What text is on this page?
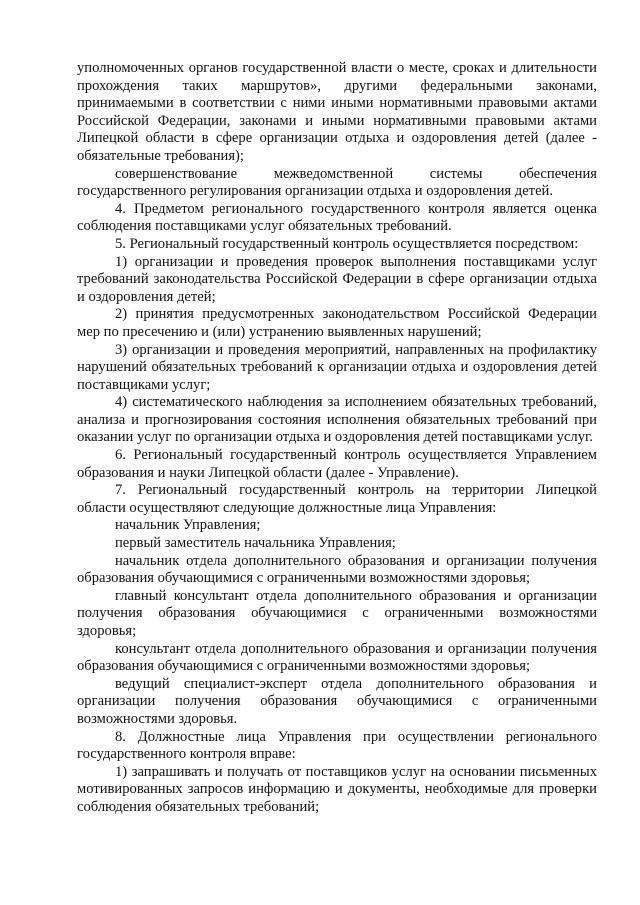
уполномоченных органов государственной власти о месте, сроках и длительности прохождения таких маршрутов», другими федеральными законами, принимаемыми в соответствии с ними иными нормативными правовыми актами Российской Федерации, законами и иными нормативными правовыми актами Липецкой области в сфере организации отдыха и оздоровления детей (далее - обязательные требования);

совершенствование межведомственной системы обеспечения государственного регулирования организации отдыха и оздоровления детей.

4. Предметом регионального государственного контроля является оценка соблюдения поставщиками услуг обязательных требований.

5. Региональный государственный контроль осуществляется посредством:

1) организации и проведения проверок выполнения поставщиками услуг требований законодательства Российской Федерации в сфере организации отдыха и оздоровления детей;

2) принятия предусмотренных законодательством Российской Федерации мер по пресечению и (или) устранению выявленных нарушений;

3) организации и проведения мероприятий, направленных на профилактику нарушений обязательных требований к организации отдыха и оздоровления детей поставщиками услуг;

4) систематического наблюдения за исполнением обязательных требований, анализа и прогнозирования состояния исполнения обязательных требований при оказании услуг по организации отдыха и оздоровления детей поставщиками услуг.

6. Региональный государственный контроль осуществляется Управлением образования и науки Липецкой области (далее - Управление).

7. Региональный государственный контроль на территории Липецкой области осуществляют следующие должностные лица Управления:

начальник Управления;

первый заместитель начальника Управления;

начальник отдела дополнительного образования и организации получения образования обучающимися с ограниченными возможностями здоровья;

главный консультант отдела дополнительного образования и организации получения образования обучающимися с ограниченными возможностями здоровья;

консультант отдела дополнительного образования и организации получения образования обучающимися с ограниченными возможностями здоровья;

ведущий специалист-эксперт отдела дополнительного образования и организации получения образования обучающимися с ограниченными возможностями здоровья.

8. Должностные лица Управления при осуществлении регионального государственного контроля вправе:

1) запрашивать и получать от поставщиков услуг на основании письменных мотивированных запросов информацию и документы, необходимые для проверки соблюдения обязательных требований;
